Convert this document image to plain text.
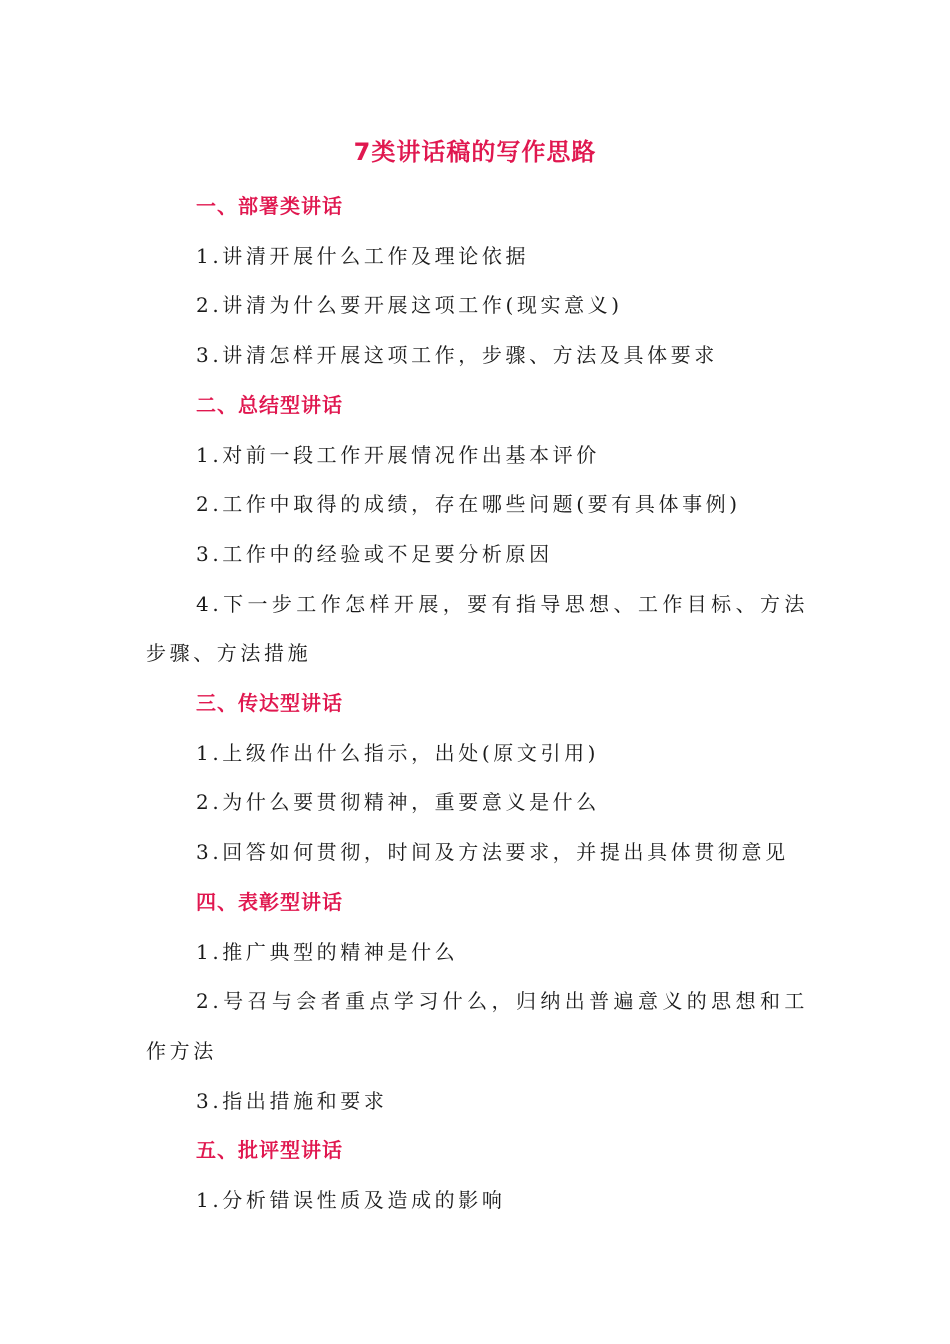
7类讲话稿的写作思路

一、部署类讲话

1.讲清开展什么工作及理论依据

2.讲清为什么要开展这项工作(现实意义)

3.讲清怎样开展这项工作，步骤、方法及具体要求

二、总结型讲话

1.对前一段工作开展情况作出基本评价

2.工作中取得的成绩，存在哪些问题(要有具体事例)

3.工作中的经验或不足要分析原因

4.下一步工作怎样开展，要有指导思想、工作目标、方法步骤、方法措施

三、传达型讲话

1.上级作出什么指示，出处(原文引用)

2.为什么要贯彻精神，重要意义是什么

3.回答如何贯彻，时间及方法要求，并提出具体贯彻意见

四、表彰型讲话

1.推广典型的精神是什么

2.号召与会者重点学习什么，归纳出普遍意义的思想和工作方法

3.指出措施和要求

五、批评型讲话

1.分析错误性质及造成的影响
